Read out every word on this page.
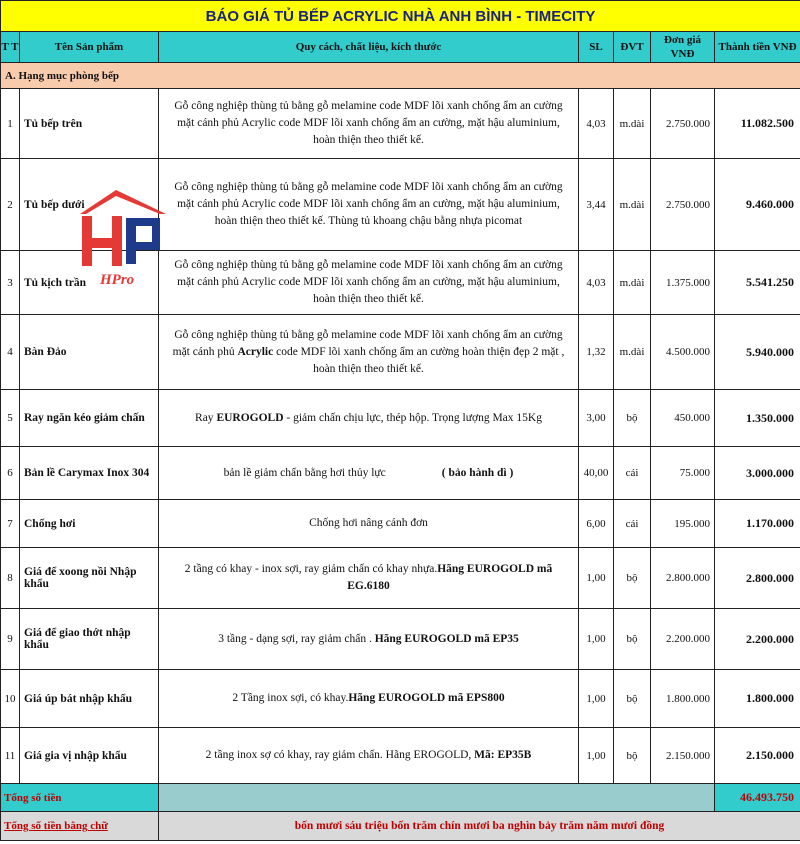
BÁO GIÁ TỦ BẾP ACRYLIC NHÀ ANH BÌNH - TIMECITY						
T T	Tên Sản phẩm	Quy cách, chất liệu, kích thước	SL	ĐVT	Đơn giá VNĐ	Thành tiền VNĐ
A. Hạng mục phòng bếp						
1	Tủ bếp trên	Gỗ công nghiệp thùng tủ bằng gỗ melamine code MDF lõi xanh chống ẩm an cường mặt cánh phủ Acrylic code MDF lõi xanh chống ẩm an cường, mặt hậu aluminium, hoàn thiện theo thiết kế.	4,03	m.dài	2.750.000	11.082.500
2	Tủ bếp dưới	Gỗ công nghiệp thùng tủ bằng gỗ melamine code MDF lõi xanh chống ẩm an cường mặt cánh phủ Acrylic code MDF lõi xanh chống ẩm an cường, mặt hậu aluminium, hoàn thiện theo thiết kế. Thùng tủ khoang chậu bằng nhựa picomat	3,44	m.dài	2.750.000	9.460.000
3	Tủ kịch trần	Gỗ công nghiệp thùng tủ bằng gỗ melamine code MDF lõi xanh chống ẩm an cường mặt cánh phủ Acrylic code MDF lõi xanh chống ẩm an cường, mặt hậu aluminium, hoàn thiện theo thiết kế.	4,03	m.dài	1.375.000	5.541.250
4	Bàn Đảo	Gỗ công nghiệp thùng tủ bằng gỗ melamine code MDF lõi xanh chống ẩm an cường mặt cánh phủ Acrylic code MDF lõi xanh chống ẩm an cường hoàn thiện đẹp 2 mặt , hoàn thiện theo thiết kế.	1,32	m.dài	4.500.000	5.940.000
5	Ray ngăn kéo giảm chấn	Ray EUROGOLD - giảm chấn chịu lực, thép hộp. Trọng lượng Max 15Kg	3,00	bộ	450.000	1.350.000
6	Bản lề Carymax Inox 304	bản lề giảm chấn bằng hơi thủy lực ( bảo hành dì )	40,00	cái	75.000	3.000.000
7	Chống hơi	Chống hơi nâng cánh đơn	6,00	cái	195.000	1.170.000
8	Giá để xoong nồi Nhập khẩu	2 tầng có khay - inox sợi, ray giảm chấn có khay nhựa.Hãng EUROGOLD mã EG.6180	1,00	bộ	2.800.000	2.800.000
9	Giá để giao thớt nhập khẩu	3 tầng - dạng sợi, ray giảm chấn . Hãng EUROGOLD mã EP35	1,00	bộ	2.200.000	2.200.000
10	Giá úp bát nhập khẩu	2 Tầng inox sợi, có khay.Hãng EUROGOLD mã EPS800	1,00	bộ	1.800.000	1.800.000
11	Giá gia vị nhập khẩu	2 tầng inox sợ có khay, ray giảm chấn. Hãng EROGOLD, Mã: EP35B	1,00	bộ	2.150.000	2.150.000
Tổng số tiền						46.493.750
Tổng số tiền bằng chữ		bốn mươi sáu triệu bốn trăm chín mươi ba nghìn bảy trăm năm mươi đồng				
HPro
